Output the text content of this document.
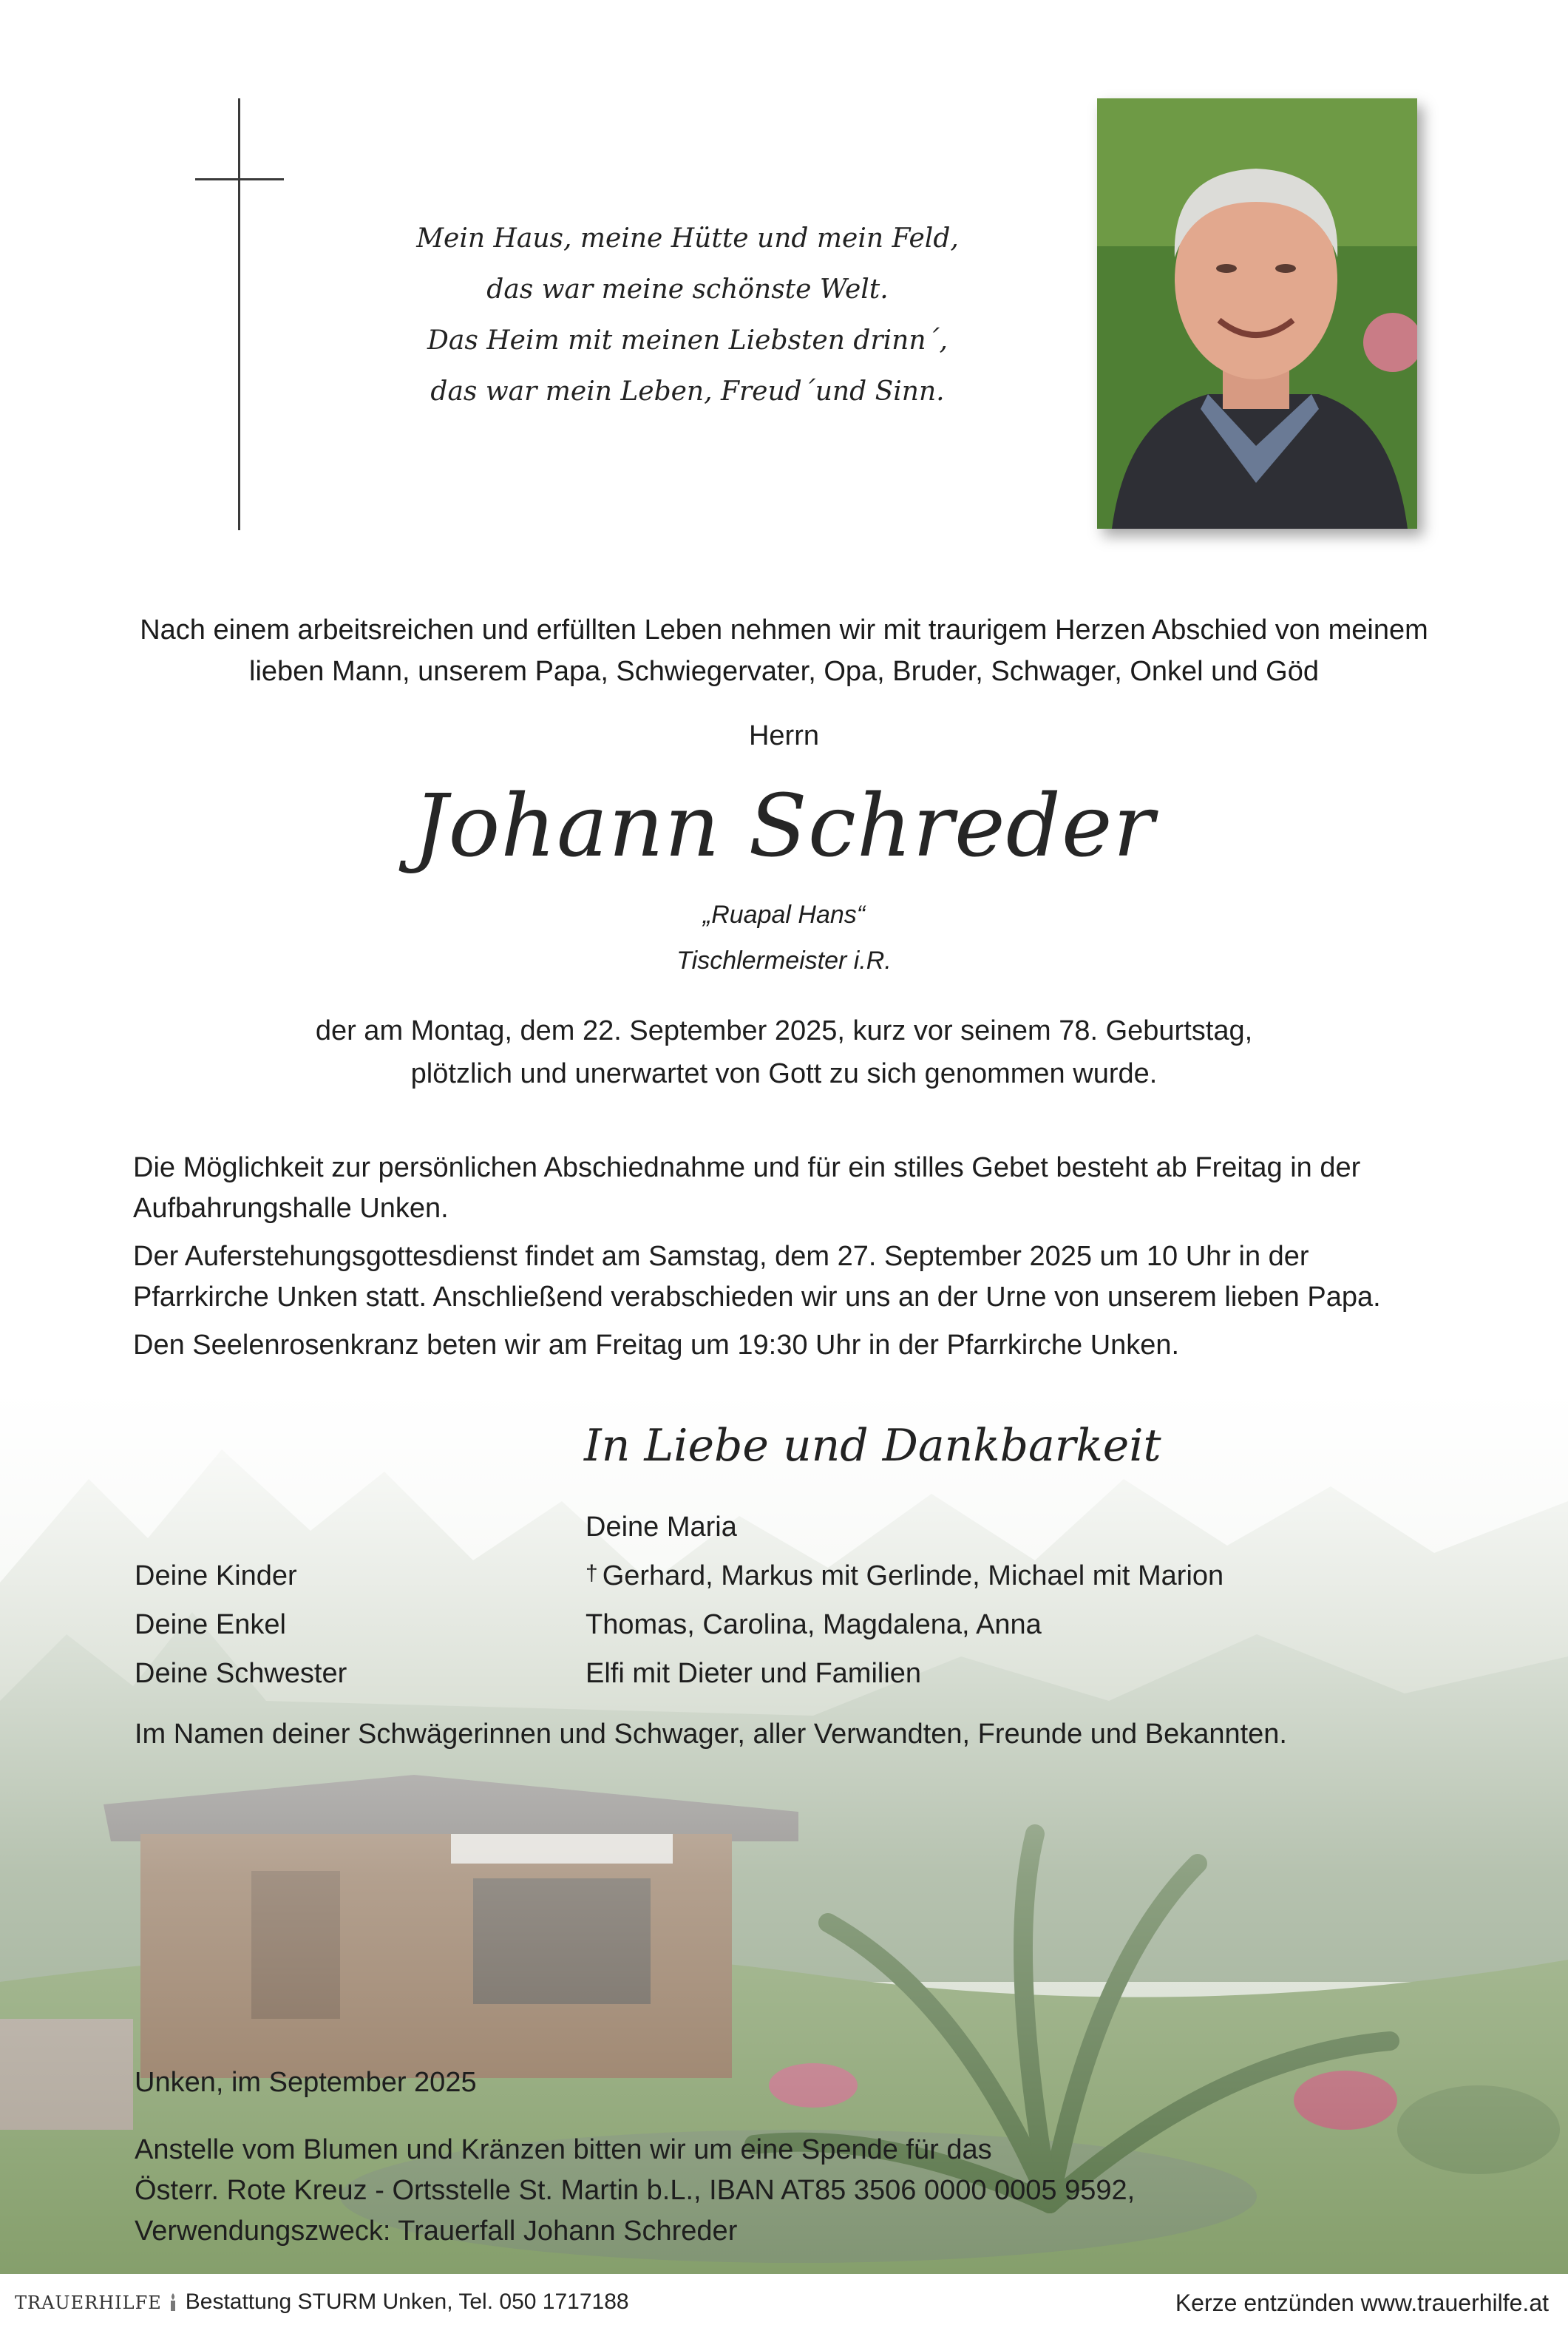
Mein Haus, meine Hütte und mein Feld,
das war meine schönste Welt.
Das Heim mit meinen Liebsten drinn´,
das war mein Leben, Freud´und Sinn.
Nach einem arbeitsreichen und erfüllten Leben nehmen wir mit traurigem Herzen Abschied von meinem
lieben Mann, unserem Papa, Schwiegervater, Opa, Bruder, Schwager, Onkel und Göd
Herrn
Johann Schreder
„Ruapal Hans“
Tischlermeister i.R.
der am Montag, dem 22. September 2025, kurz vor seinem 78. Geburtstag,
plötzlich und unerwartet von Gott zu sich genommen wurde.

Die Möglichkeit zur persönlichen Abschiednahme und für ein stilles Gebet besteht ab Freitag in der Aufbahrungshalle Unken.

Der Auferstehungsgottesdienst findet am Samstag, dem 27. September 2025 um 10 Uhr in der Pfarrkirche Unken statt. Anschließend verabschieden wir uns an der Urne von unserem lieben Papa.

Den Seelenrosenkranz beten wir am Freitag um 19:30 Uhr in der Pfarrkirche Unken.

In Liebe und Dankbarkeit
Deine Maria
Deine Kinder	† Gerhard, Markus mit Gerlinde, Michael mit Marion
Deine Enkel	Thomas, Carolina, Magdalena, Anna
Deine Schwester	Elfi mit Dieter und Familien
Im Namen deiner Schwägerinnen und Schwager, aller Verwandten, Freunde und Bekannten.
Unken, im September 2025
Anstelle vom Blumen und Kränzen bitten wir um eine Spende für das
Österr. Rote Kreuz - Ortsstelle St. Martin b.L., IBAN AT85 3506 0000 0005 9592,
Verwendungszweck: Trauerfall Johann Schreder
TRAUERHILFE Bestattung STURM Unken, Tel. 050 1717188	Kerze entzünden www.trauerhilfe.at
